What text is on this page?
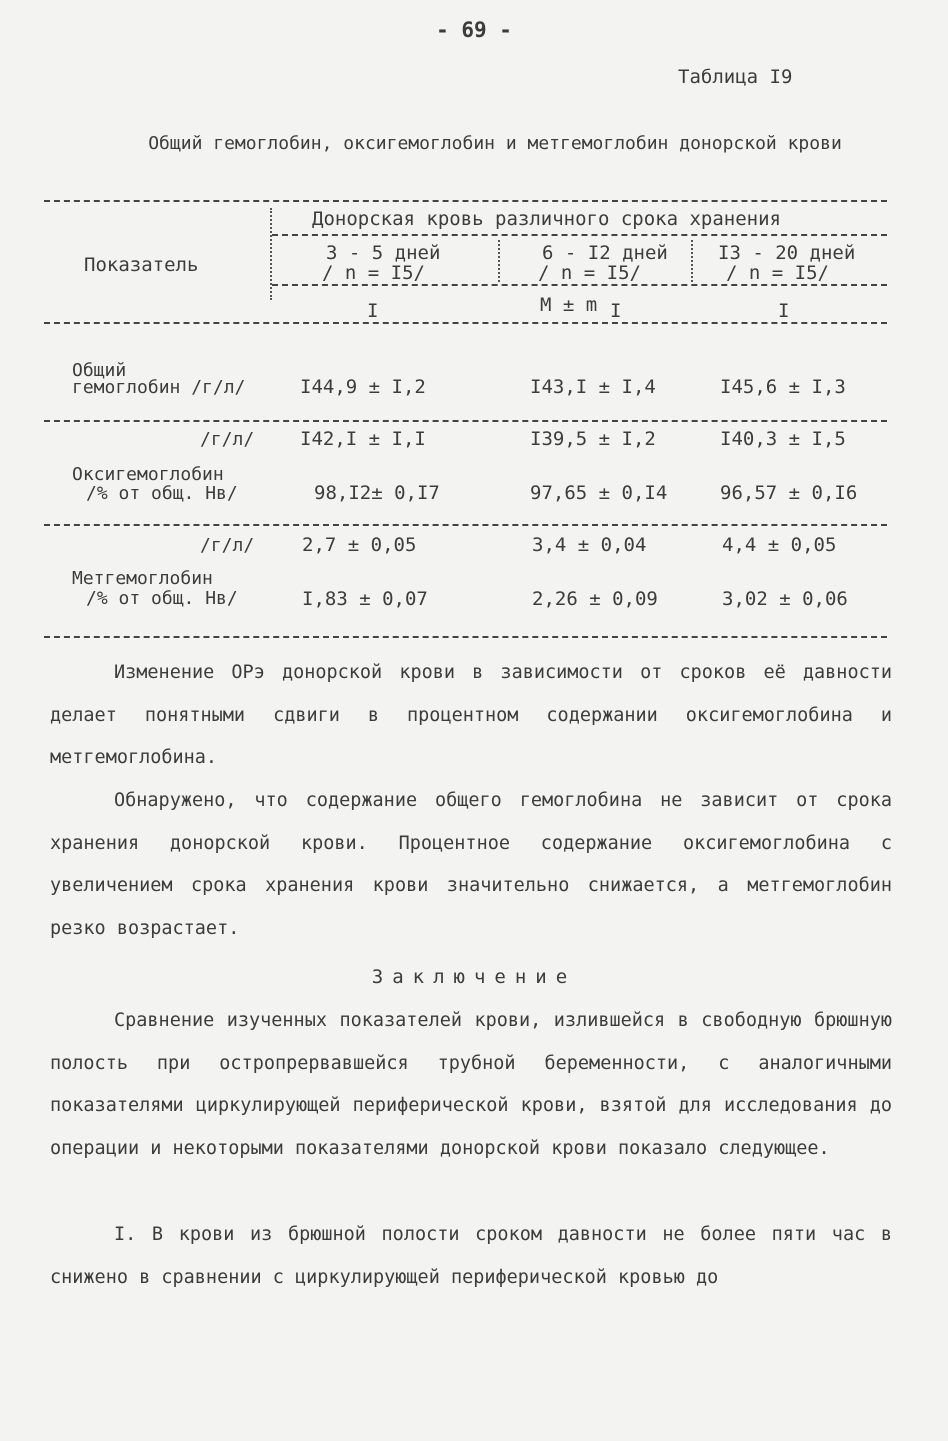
- 69 -
Таблица I9
Общий гемоглобин, оксигемоглобин и метгемоглобин донорской крови
Показатель
Донорская кровь различного срока хранения
3 - 5 дней	6 - I2 дней	I3 - 20 дней
/ n = I5/	/ n = I5/	/ n = I5/
I	I	I
M ± m
Общий
гемоглобин /г/л/	I44,9 ± I,2	I43,I ± I,4	I45,6 ± I,3
/г/л/ I42,I ± I,I	I39,5 ± I,2	I40,3 ± I,5
Оксигемоглобин
/% от общ. Нв/	98,I2± 0,I7	97,65 ± 0,I4	96,57 ± 0,I6
/г/л/	2,7 ± 0,05	3,4 ± 0,04	4,4 ± 0,05
Метгемоглобин
/% от общ. Нв/	I,83 ± 0,07	2,26 ± 0,09	3,02 ± 0,06
Изменение ОРэ донорской крови в зависимости от сроков её давности делает понятными сдвиги в процентном содержании оксигемоглобина и метгемоглобина.
Обнаружено, что содержание общего гемоглобина не зависит от срока хранения донорской крови. Процентное содержание оксигемоглобина с увеличением срока хранения крови значительно снижается, а метгемоглобин резко возрастает.
Заключение
Сравнение изученных показателей крови, излившейся в свободную брюшную полость при остропрервавшейся трубной беременности, с аналогичными показателями циркулирующей периферической крови, взятой для исследования до операции и некоторыми показателями донорской крови показало следующее.
I. В крови из брюшной полости сроком давности не более пяти час в снижено в сравнении с циркулирующей периферической кровью до
